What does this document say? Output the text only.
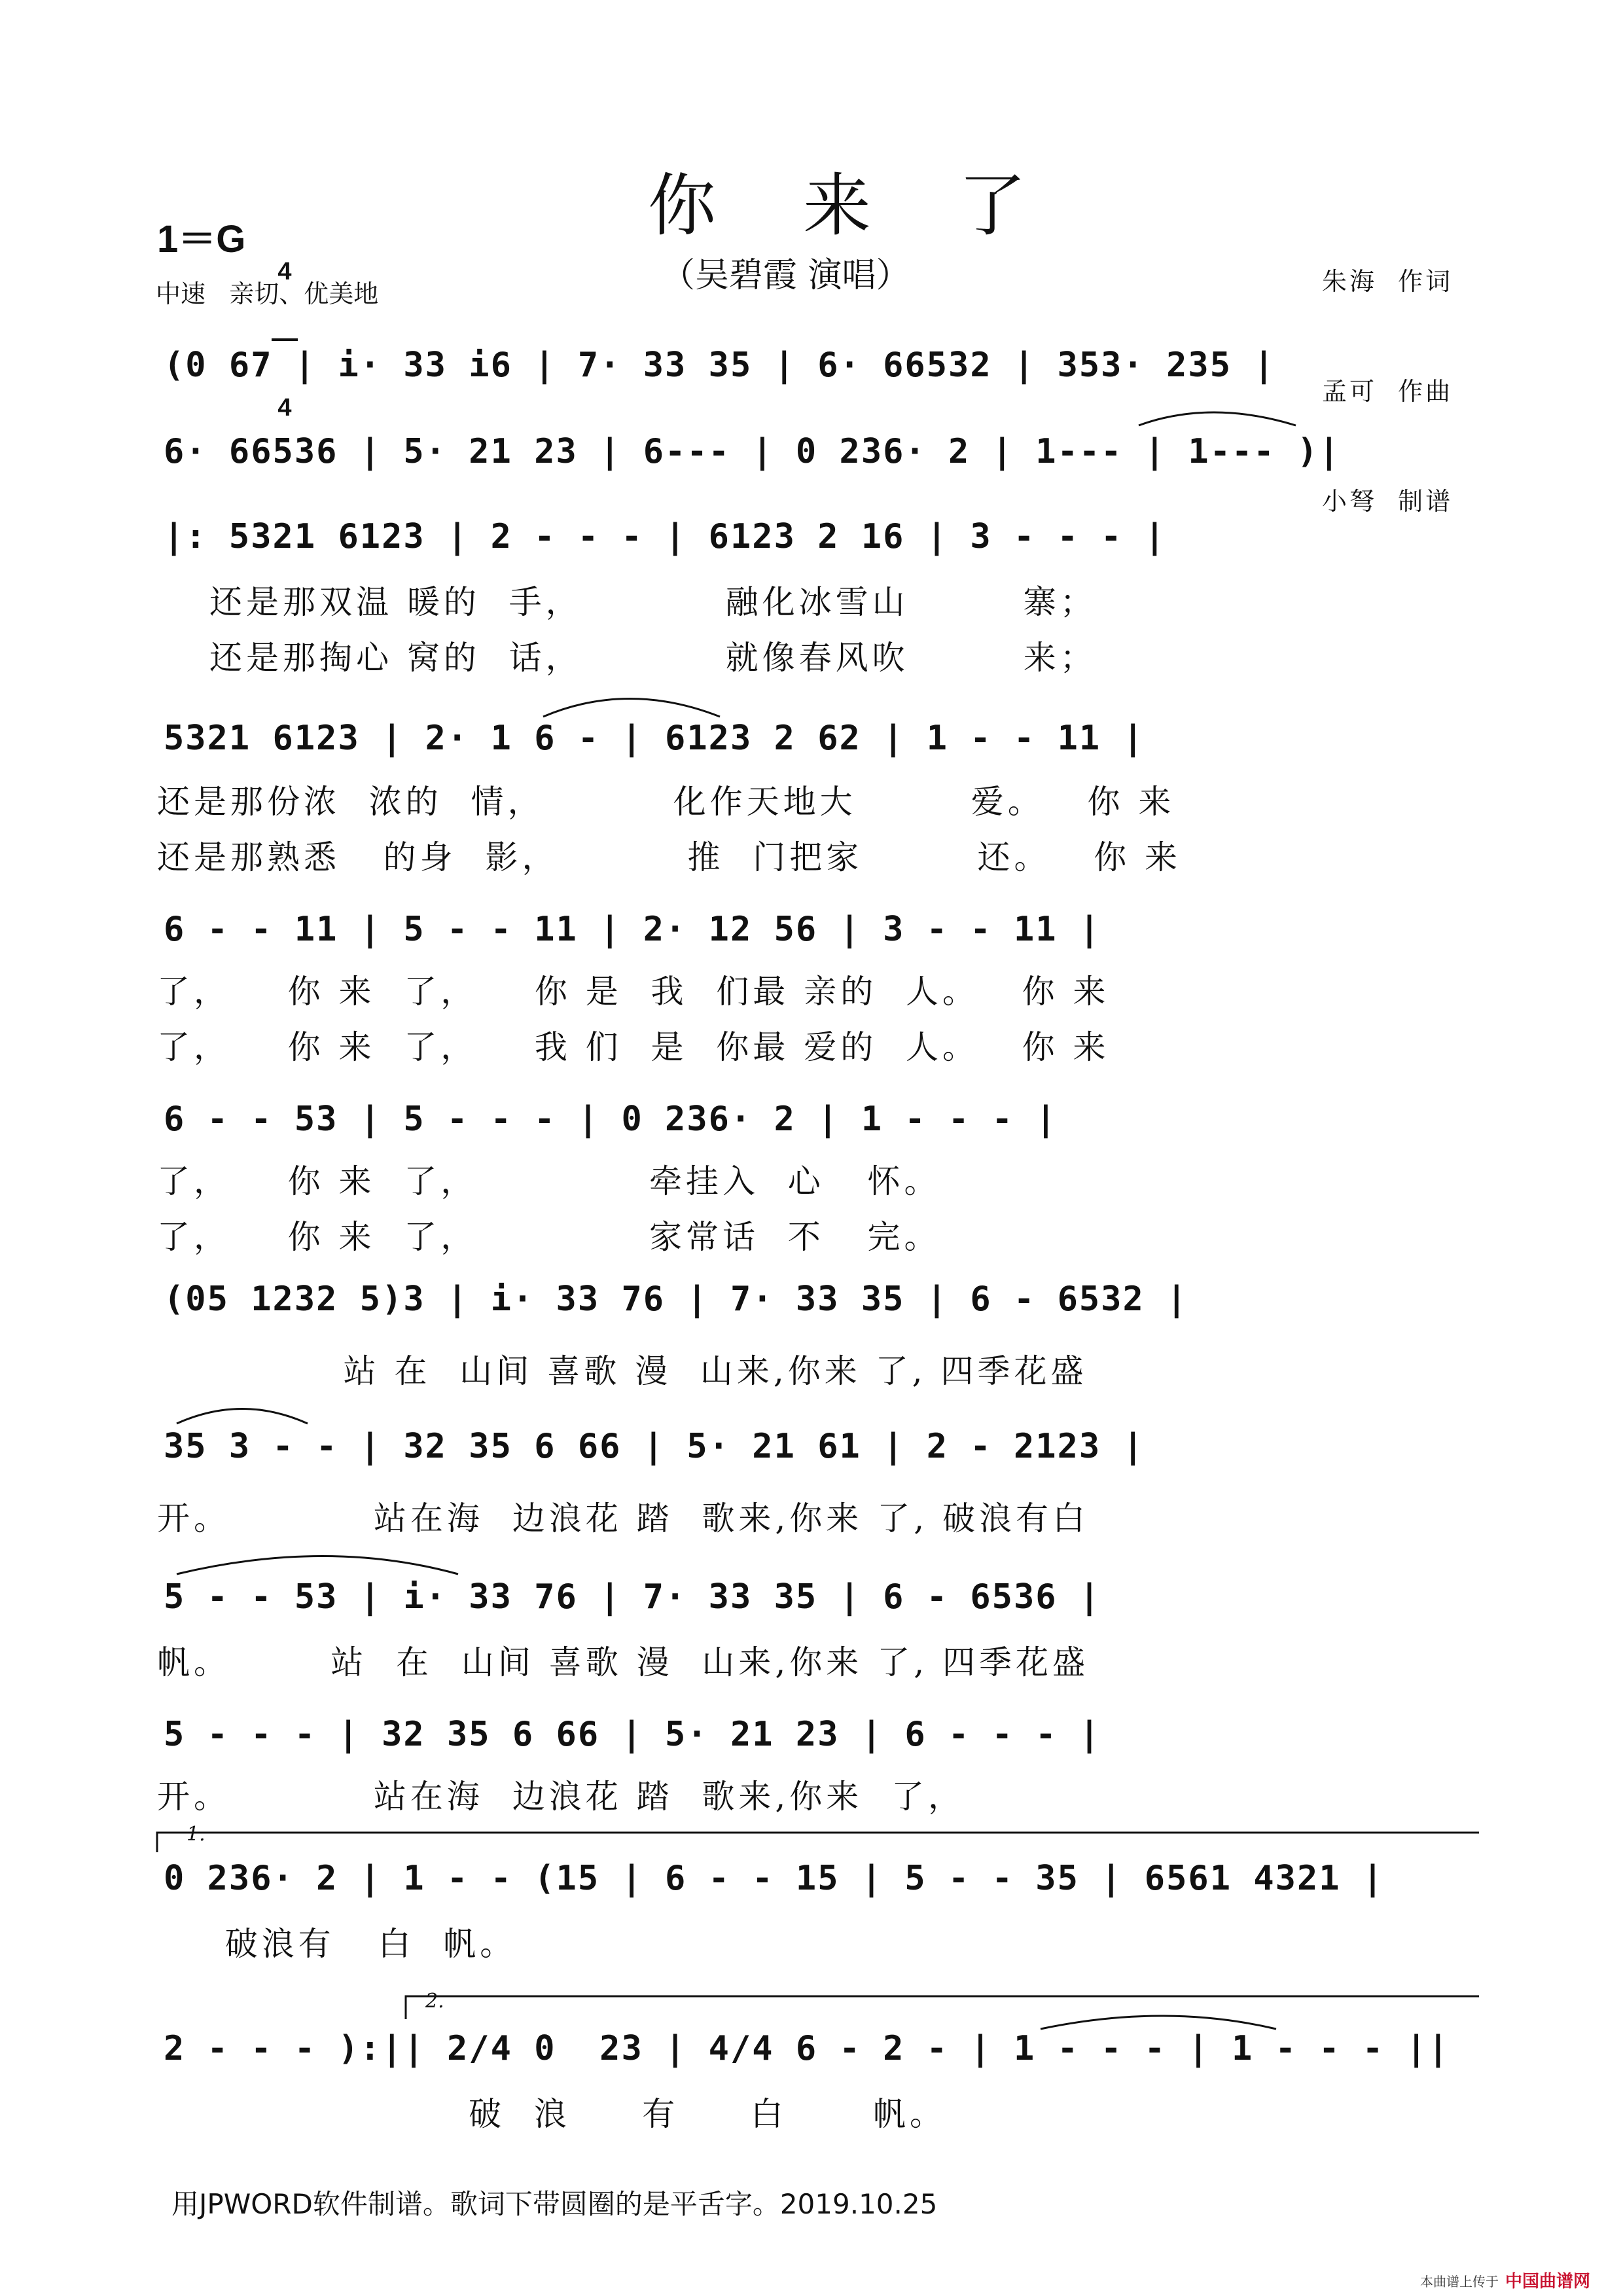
你 来 了
（吴碧霞 演唱）
1＝G

4

4

中速   亲切、优美地

	朱海  作词

孟可  作曲

小弩  制谱

(0 67 | i· 33 i6 | 7· 33 35 | 6· 66532 | 353· 235 |
6· 66536 | 5· 21 23 | 6--- | 0 236· 2 | 1--- | 1--- )|
|: 5321 6123 | 2 - - - | 6123 2 16 | 3 - - - |
还是那双温 暖的  手，          融化冰雪山        寨；
还是那掏心 窝的  话，          就像春风吹        来；
5321 6123 | 2· 1 6 - | 6123 2 62 | 1 - - 11 |
还是那份浓  浓的  情，         化作天地大        爱。   你 来
还是那熟悉   的身  影，         推  门把家        还。   你 来
6 - - 11 | 5 - - 11 | 2· 12 56 | 3 - - 11 |
了，    你 来  了，    你 是  我  们最 亲的  人。   你 来
了，    你 来  了，    我 们  是  你最 爱的  人。   你 来
6 - - 53 | 5 - - - | 0 236· 2 | 1 - - - |
了，    你 来  了，            牵挂入  心   怀。
了，    你 来  了，            家常话  不   完。
(05 1232 5)3 | i· 33 76 | 7· 33 35 | 6 - 6532 |
站 在  山间 喜歌 漫  山来,你来 了, 四季花盛
35 3 - - | 32 35 6 66 | 5· 21 61 | 2 - 2123 |
开。          站在海  边浪花 踏  歌来,你来 了, 破浪有白
5 - - 53 | i· 33 76 | 7· 33 35 | 6 - 6536 |
帆。       站  在  山间 喜歌 漫  山来,你来 了, 四季花盛
5 - - - | 32 35 6 66 | 5· 21 23 | 6 - - - |
开。          站在海  边浪花 踏  歌来,你来  了，
1.
0 236· 2 | 1 - - (15 | 6 - - 15 | 5 - - 35 | 6561 4321 |
破浪有   白  帆。
2.
2 - - - ):|| 2/4 0  23 | 4/4 6 - 2 - | 1 - - - | 1 - - - ||
破  浪     有     白      帆。
用JPWORD软件制谱。歌词下带圆圈的是平舌字。2019.10.25
本曲谱上传于 中国曲谱网
